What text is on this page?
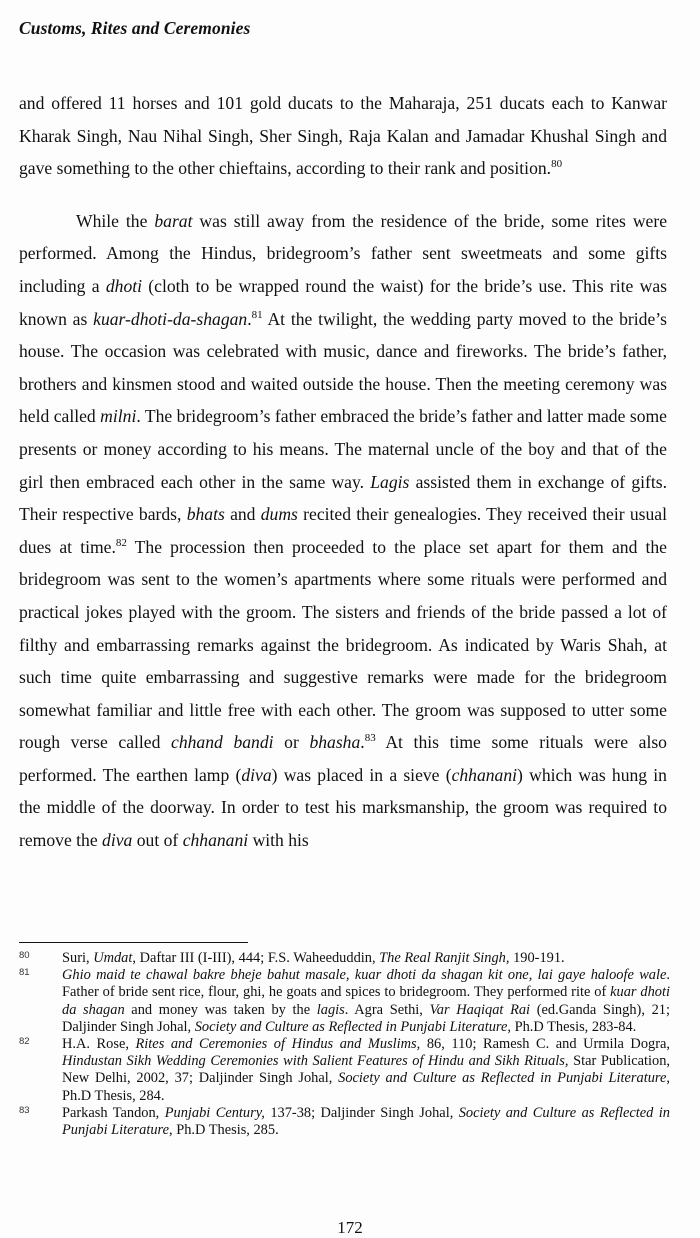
Customs, Rites and Ceremonies

and offered 11 horses and 101 gold ducats to the Maharaja, 251 ducats each to Kanwar Kharak Singh, Nau Nihal Singh, Sher Singh, Raja Kalan and Jamadar Khushal Singh and gave something to the other chieftains, according to their rank and position.$^{80}$

While the barat was still away from the residence of the bride, some rites were performed. Among the Hindus, bridegroom’s father sent sweetmeats and some gifts including a dhoti (cloth to be wrapped round the waist) for the bride’s use. This rite was known as kuar-dhoti-da-shagan.$^{81}$ At the twilight, the wedding party moved to the bride’s house. The occasion was celebrated with music, dance and fireworks. The bride’s father, brothers and kinsmen stood and waited outside the house. Then the meeting ceremony was held called milni. The bridegroom’s father embraced the bride’s father and latter made some presents or money according to his means. The maternal uncle of the boy and that of the girl then embraced each other in the same way. Lagis assisted them in exchange of gifts. Their respective bards, bhats and dums recited their genealogies. They received their usual dues at time.$^{82}$ The procession then proceeded to the place set apart for them and the bridegroom was sent to the women’s apartments where some rituals were performed and practical jokes played with the groom. The sisters and friends of the bride passed a lot of filthy and embarrassing remarks against the bridegroom. As indicated by Waris Shah, at such time quite embarrassing and suggestive remarks were made for the bridegroom somewhat familiar and little free with each other. The groom was supposed to utter some rough verse called chhand bandi or bhasha.$^{83}$ At this time some rituals were also performed. The earthen lamp (diva) was placed in a sieve (chhanani) which was hung in the middle of the doorway. In order to test his marksmanship, the groom was required to remove the diva out of chhanani with his

80	Suri, Umdat, Daftar III (I-III), 444; F.S. Waheeduddin, The Real Ranjit Singh, 190-191.
81	Ghio maid te chawal bakre bheje bahut masale, kuar dhoti da shagan kit one, lai gaye haloofe wale. Father of bride sent rice, flour, ghi, he goats and spices to bridegroom. They performed rite of kuar dhoti da shagan and money was taken by the lagis. Agra Sethi, Var Haqiqat Rai (ed.Ganda Singh), 21; Daljinder Singh Johal, Society and Culture as Reflected in Punjabi Literature, Ph.D Thesis, 283-84.
82	H.A. Rose, Rites and Ceremonies of Hindus and Muslims, 86, 110; Ramesh C. and Urmila Dogra, Hindustan Sikh Wedding Ceremonies with Salient Features of Hindu and Sikh Rituals, Star Publication, New Delhi, 2002, 37; Daljinder Singh Johal, Society and Culture as Reflected in Punjabi Literature, Ph.D Thesis, 284.
83	Parkash Tandon, Punjabi Century, 137-38; Daljinder Singh Johal, Society and Culture as Reflected in Punjabi Literature, Ph.D Thesis, 285.
172
